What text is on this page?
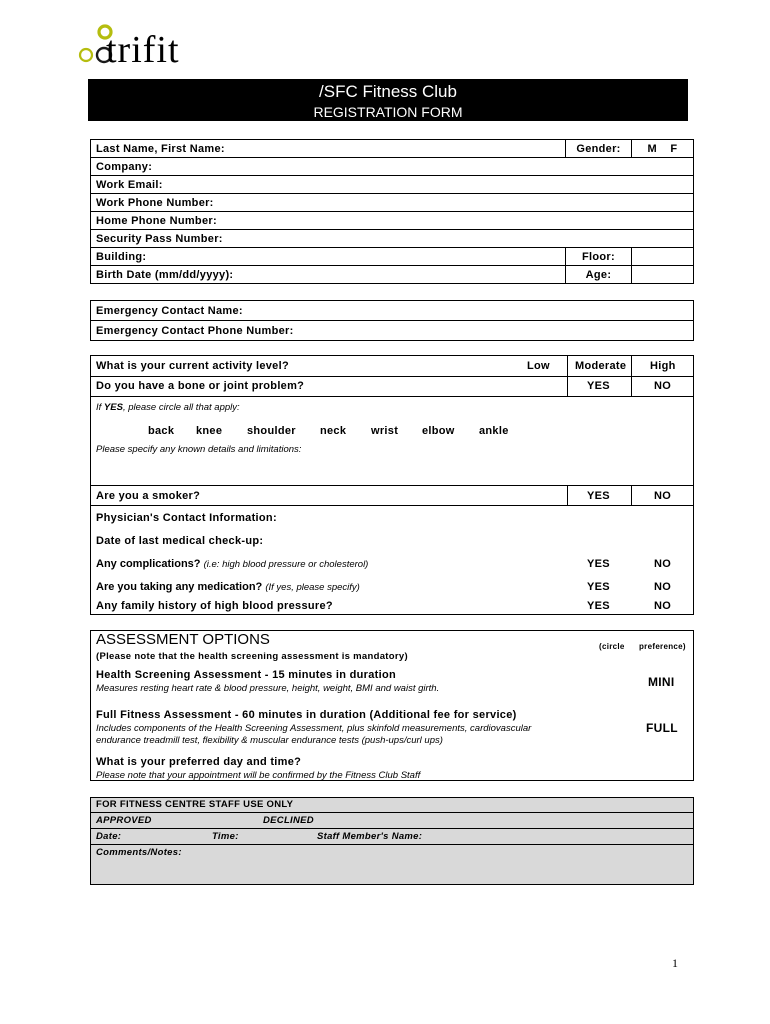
trifit
/SFC Fitness Club
REGISTRATION FORM
Last Name, First Name:	Gender:	M    F
Company:		
Work Email:		
Work Phone Number:		
Home Phone Number:		
Security Pass Number:		
Building:	Floor:	
Birth Date (mm/dd/yyyy):	Age:	
Emergency Contact Name:
Emergency Contact Phone Number:
What is your current activity level?	Low Moderate High
Do you have a bone or joint problem?	YES	NO
If YES, please circle all that apply:
back knee shoulder neck wrist elbow ankle
Please specify any known details and limitations:
Are you a smoker?	YES	NO
Physician's Contact Information:
Date of last medical check-up:
Any complications? (i.e: high blood pressure or cholesterol)	YES	NO
Are you taking any medication? (If yes, please specify)	YES	NO
Any family history of high blood pressure?	YES	NO
ASSESSMENT OPTIONS
(Please note that the health screening assessment is mandatory)
(circle preference)
Health Screening Assessment - 15 minutes in duration
Measures resting heart rate & blood pressure, height, weight, BMI and waist girth.	MINI
Full Fitness Assessment - 60 minutes in duration (Additional fee for service)
Includes components of the Health Screening Assessment, plus skinfold measurements, cardiovascular
endurance treadmill test, flexibility & muscular endurance tests (push-ups/curl ups)
FULL
What is your preferred day and time?
Please note that your appointment will be confirmed by the Fitness Club Staff
FOR FITNESS CENTRE STAFF USE ONLY
APPROVED	DECLINED
Date:	Time:	Staff Member's Name:
Comments/Notes:
1
